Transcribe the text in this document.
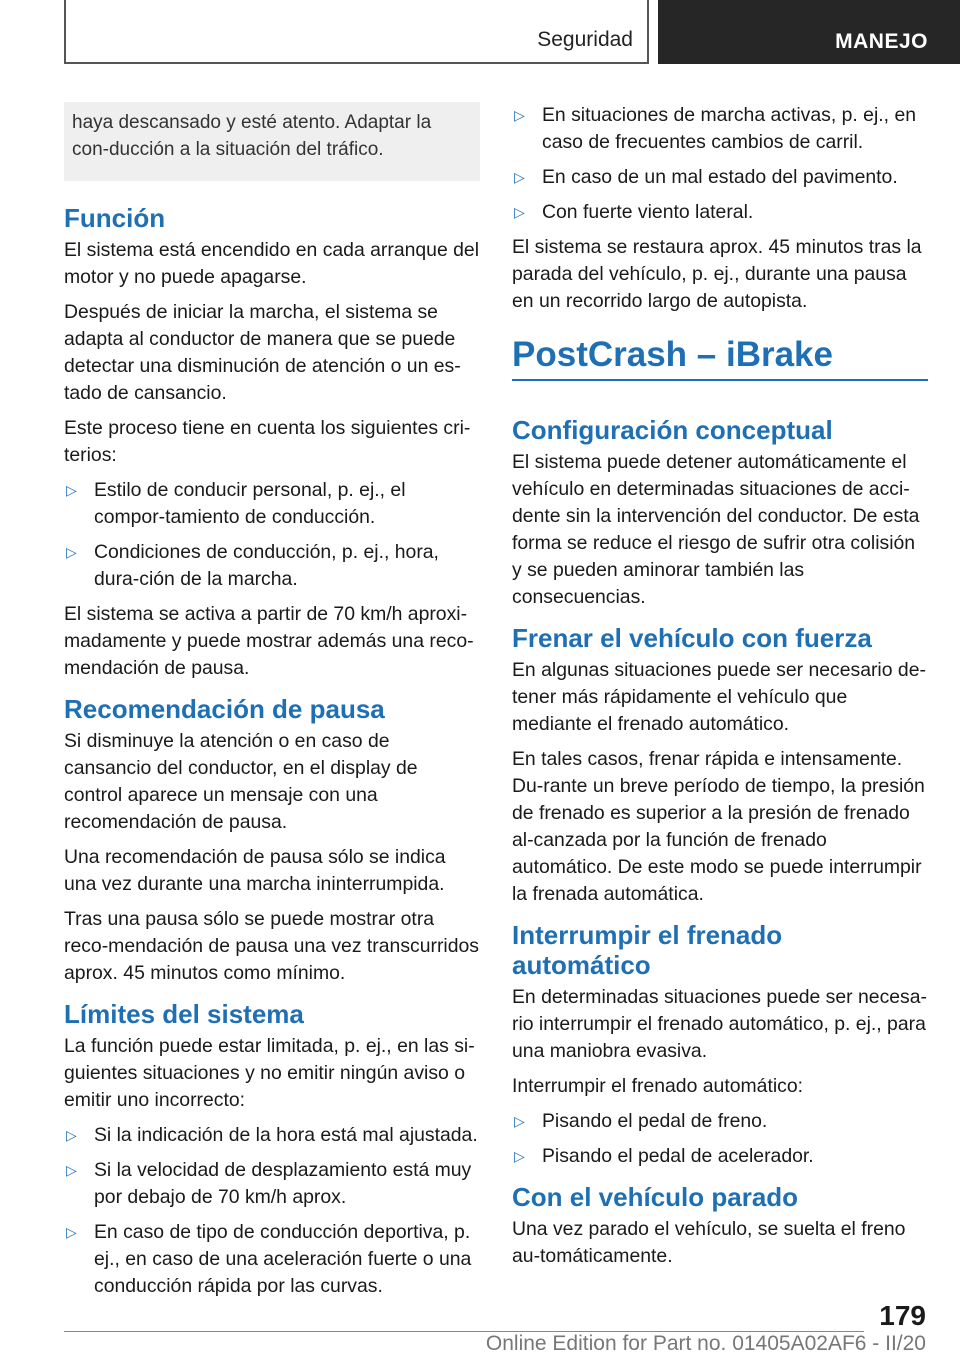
Seguridad	MANEJO
haya descansado y esté atento. Adaptar la con‐ducción a la situación del tráfico.
Función

El sistema está encendido en cada arranque del motor y no puede apagarse.

Después de iniciar la marcha, el sistema se adapta al conductor de manera que se puede detectar una disminución de atención o un es‐tado de cansancio.

Este proceso tiene en cuenta los siguientes cri‐terios:

▷ Estilo de conducir personal, p. ej., el compor‐tamiento de conducción.
▷ Condiciones de conducción, p. ej., hora, dura‐ción de la marcha.

El sistema se activa a partir de 70 km/h aproxi‐madamente y puede mostrar además una reco‐mendación de pausa.

Recomendación de pausa

Si disminuye la atención o en caso de cansancio del conductor, en el display de control aparece un mensaje con una recomendación de pausa.

Una recomendación de pausa sólo se indica una vez durante una marcha ininterrumpida.

Tras una pausa sólo se puede mostrar otra reco‐mendación de pausa una vez transcurridos aprox. 45 minutos como mínimo.

Límites del sistema

La función puede estar limitada, p. ej., en las si‐guientes situaciones y no emitir ningún aviso o emitir uno incorrecto:

▷ Si la indicación de la hora está mal ajustada.
▷ Si la velocidad de desplazamiento está muy por debajo de 70 km/h aprox.
▷ En caso de tipo de conducción deportiva, p. ej., en caso de una aceleración fuerte o una conducción rápida por las curvas.
▷ En situaciones de marcha activas, p. ej., en caso de frecuentes cambios de carril.
▷ En caso de un mal estado del pavimento.
▷ Con fuerte viento lateral.

El sistema se restaura aprox. 45 minutos tras la parada del vehículo, p. ej., durante una pausa en un recorrido largo de autopista.

PostCrash – iBrake
Configuración conceptual

El sistema puede detener automáticamente el vehículo en determinadas situaciones de acci‐dente sin la intervención del conductor. De esta forma se reduce el riesgo de sufrir otra colisión y se pueden aminorar también las consecuencias.

Frenar el vehículo con fuerza

En algunas situaciones puede ser necesario de‐tener más rápidamente el vehículo que mediante el frenado automático.

En tales casos, frenar rápida e intensamente. Du‐rante un breve período de tiempo, la presión de frenado es superior a la presión de frenado al‐canzada por la función de frenado automático. De este modo se puede interrumpir la frenada automática.

Interrumpir el frenado automático

En determinadas situaciones puede ser necesa‐rio interrumpir el frenado automático, p. ej., para una maniobra evasiva.

Interrumpir el frenado automático:

▷ Pisando el pedal de freno.
▷ Pisando el pedal de acelerador.
Con el vehículo parado

Una vez parado el vehículo, se suelta el freno au‐tomáticamente.

179
Online Edition for Part no. 01405A02AF6 - II/20
